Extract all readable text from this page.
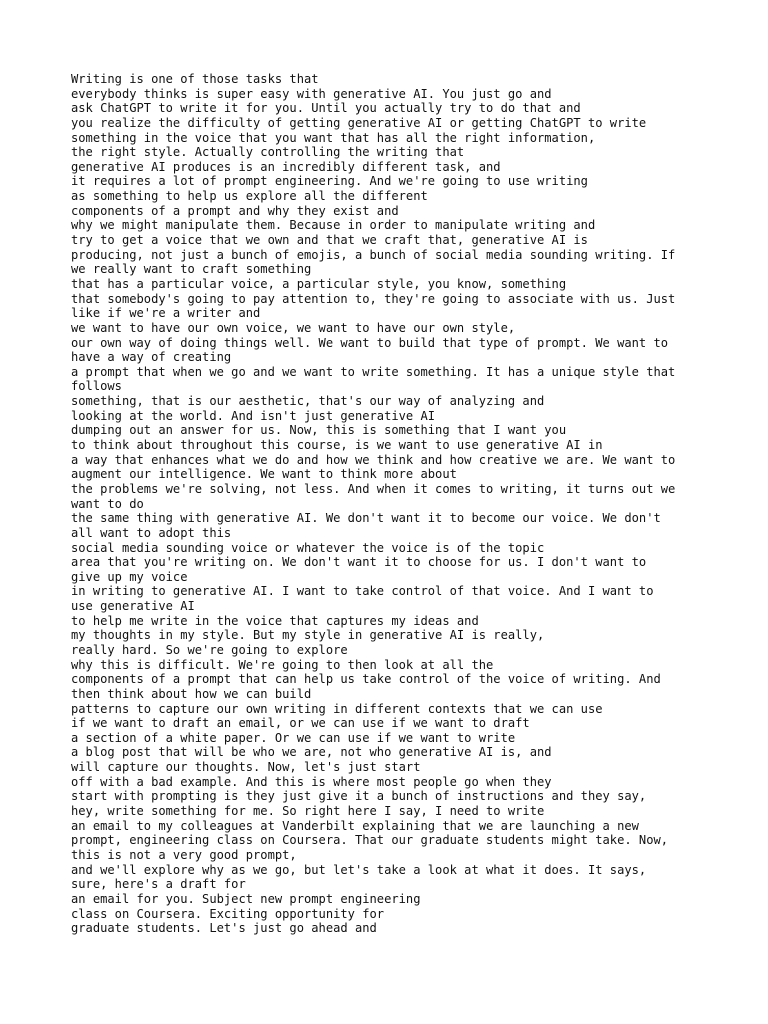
Writing is one of those tasks that
everybody thinks is super easy with generative AI. You just go and
ask ChatGPT to write it for you. Until you actually try to do that and
you realize the difficulty of getting generative AI or getting ChatGPT to write
something in the voice that you want that has all the right information,
the right style. Actually controlling the writing that
generative AI produces is an incredibly different task, and
it requires a lot of prompt engineering. And we're going to use writing
as something to help us explore all the different
components of a prompt and why they exist and
why we might manipulate them. Because in order to manipulate writing and
try to get a voice that we own and that we craft that, generative AI is
producing, not just a bunch of emojis, a bunch of social media sounding writing. If
we really want to craft something
that has a particular voice, a particular style, you know, something
that somebody's going to pay attention to, they're going to associate with us. Just
like if we're a writer and
we want to have our own voice, we want to have our own style,
our own way of doing things well. We want to build that type of prompt. We want to
have a way of creating
a prompt that when we go and we want to write something. It has a unique style that
follows
something, that is our aesthetic, that's our way of analyzing and
looking at the world. And isn't just generative AI
dumping out an answer for us. Now, this is something that I want you
to think about throughout this course, is we want to use generative AI in
a way that enhances what we do and how we think and how creative we are. We want to
augment our intelligence. We want to think more about
the problems we're solving, not less. And when it comes to writing, it turns out we
want to do
the same thing with generative AI. We don't want it to become our voice. We don't
all want to adopt this
social media sounding voice or whatever the voice is of the topic
area that you're writing on. We don't want it to choose for us. I don't want to
give up my voice
in writing to generative AI. I want to take control of that voice. And I want to
use generative AI
to help me write in the voice that captures my ideas and
my thoughts in my style. But my style in generative AI is really,
really hard. So we're going to explore
why this is difficult. We're going to then look at all the
components of a prompt that can help us take control of the voice of writing. And
then think about how we can build
patterns to capture our own writing in different contexts that we can use
if we want to draft an email, or we can use if we want to draft
a section of a white paper. Or we can use if we want to write
a blog post that will be who we are, not who generative AI is, and
will capture our thoughts. Now, let's just start
off with a bad example. And this is where most people go when they
start with prompting is they just give it a bunch of instructions and they say,
hey, write something for me. So right here I say, I need to write
an email to my colleagues at Vanderbilt explaining that we are launching a new
prompt, engineering class on Coursera. That our graduate students might take. Now,
this is not a very good prompt,
and we'll explore why as we go, but let's take a look at what it does. It says,
sure, here's a draft for
an email for you. Subject new prompt engineering
class on Coursera. Exciting opportunity for
graduate students. Let's just go ahead and
